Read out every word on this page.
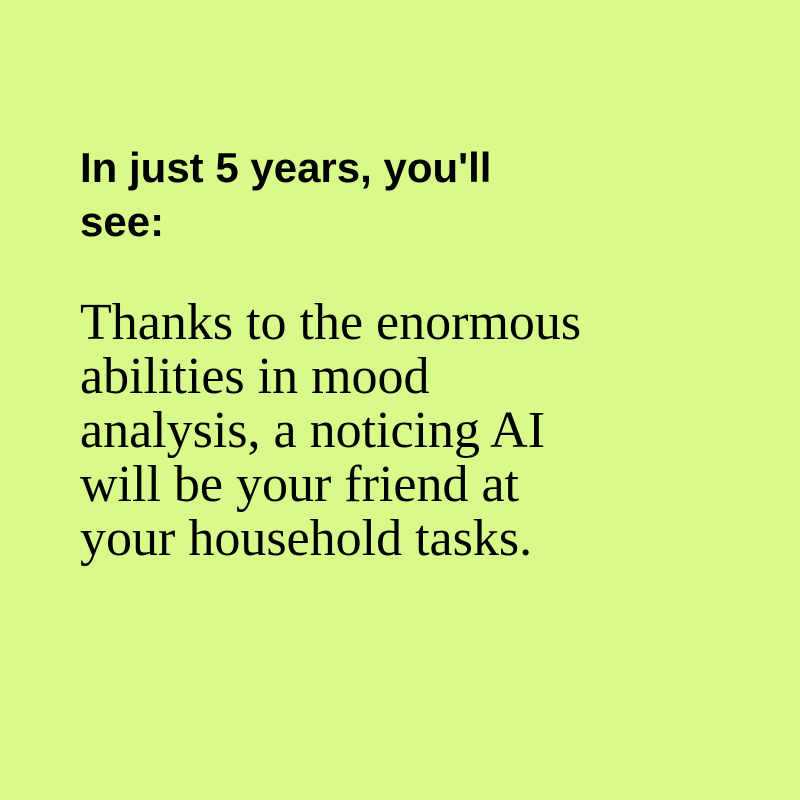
In just 5 years, you'll
see:

Thanks to the enormous
abilities in mood
analysis, a noticing AI
will be your friend at
your household tasks.
